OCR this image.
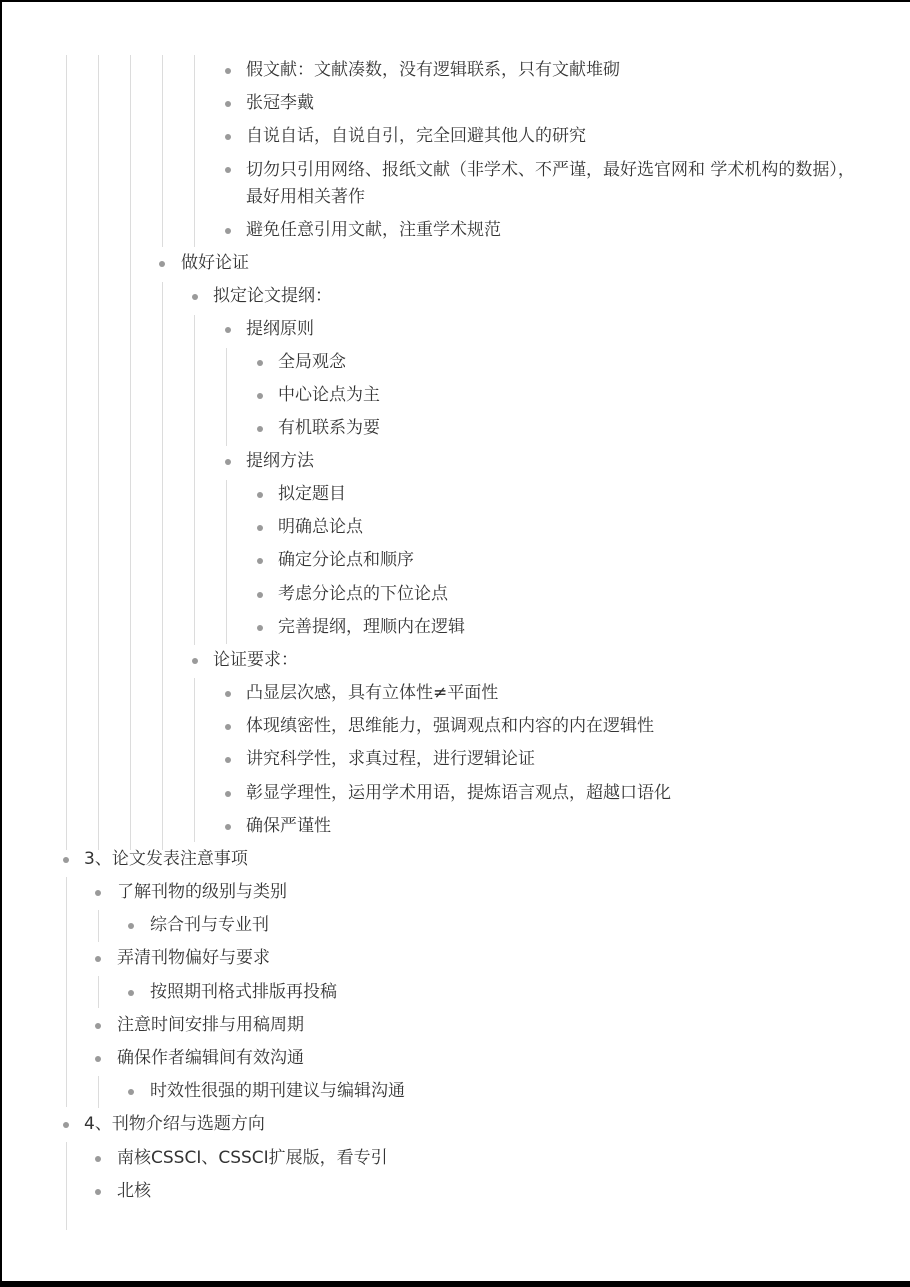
假文献：文献凑数，没有逻辑联系，只有文献堆砌
张冠李戴
自说自话，自说自引，完全回避其他人的研究
切勿只引用网络、报纸文献（非学术、不严谨，最好选官网和 学术机构的数据），最好用相关著作
避免任意引用文献，注重学术规范
做好论证
拟定论文提纲：
提纲原则
全局观念
中心论点为主
有机联系为要
提纲方法
拟定题目
明确总论点
确定分论点和顺序
考虑分论点的下位论点
完善提纲，理顺内在逻辑
论证要求：
凸显层次感，具有立体性≠平面性
体现缜密性，思维能力，强调观点和内容的内在逻辑性
讲究科学性，求真过程，进行逻辑论证
彰显学理性，运用学术用语，提炼语言观点，超越口语化
确保严谨性
3、论文发表注意事项
了解刊物的级别与类别
综合刊与专业刊
弄清刊物偏好与要求
按照期刊格式排版再投稿
注意时间安排与用稿周期
确保作者编辑间有效沟通
时效性很强的期刊建议与编辑沟通
4、刊物介绍与选题方向
南核CSSCI、CSSCI扩展版，看专引
北核
